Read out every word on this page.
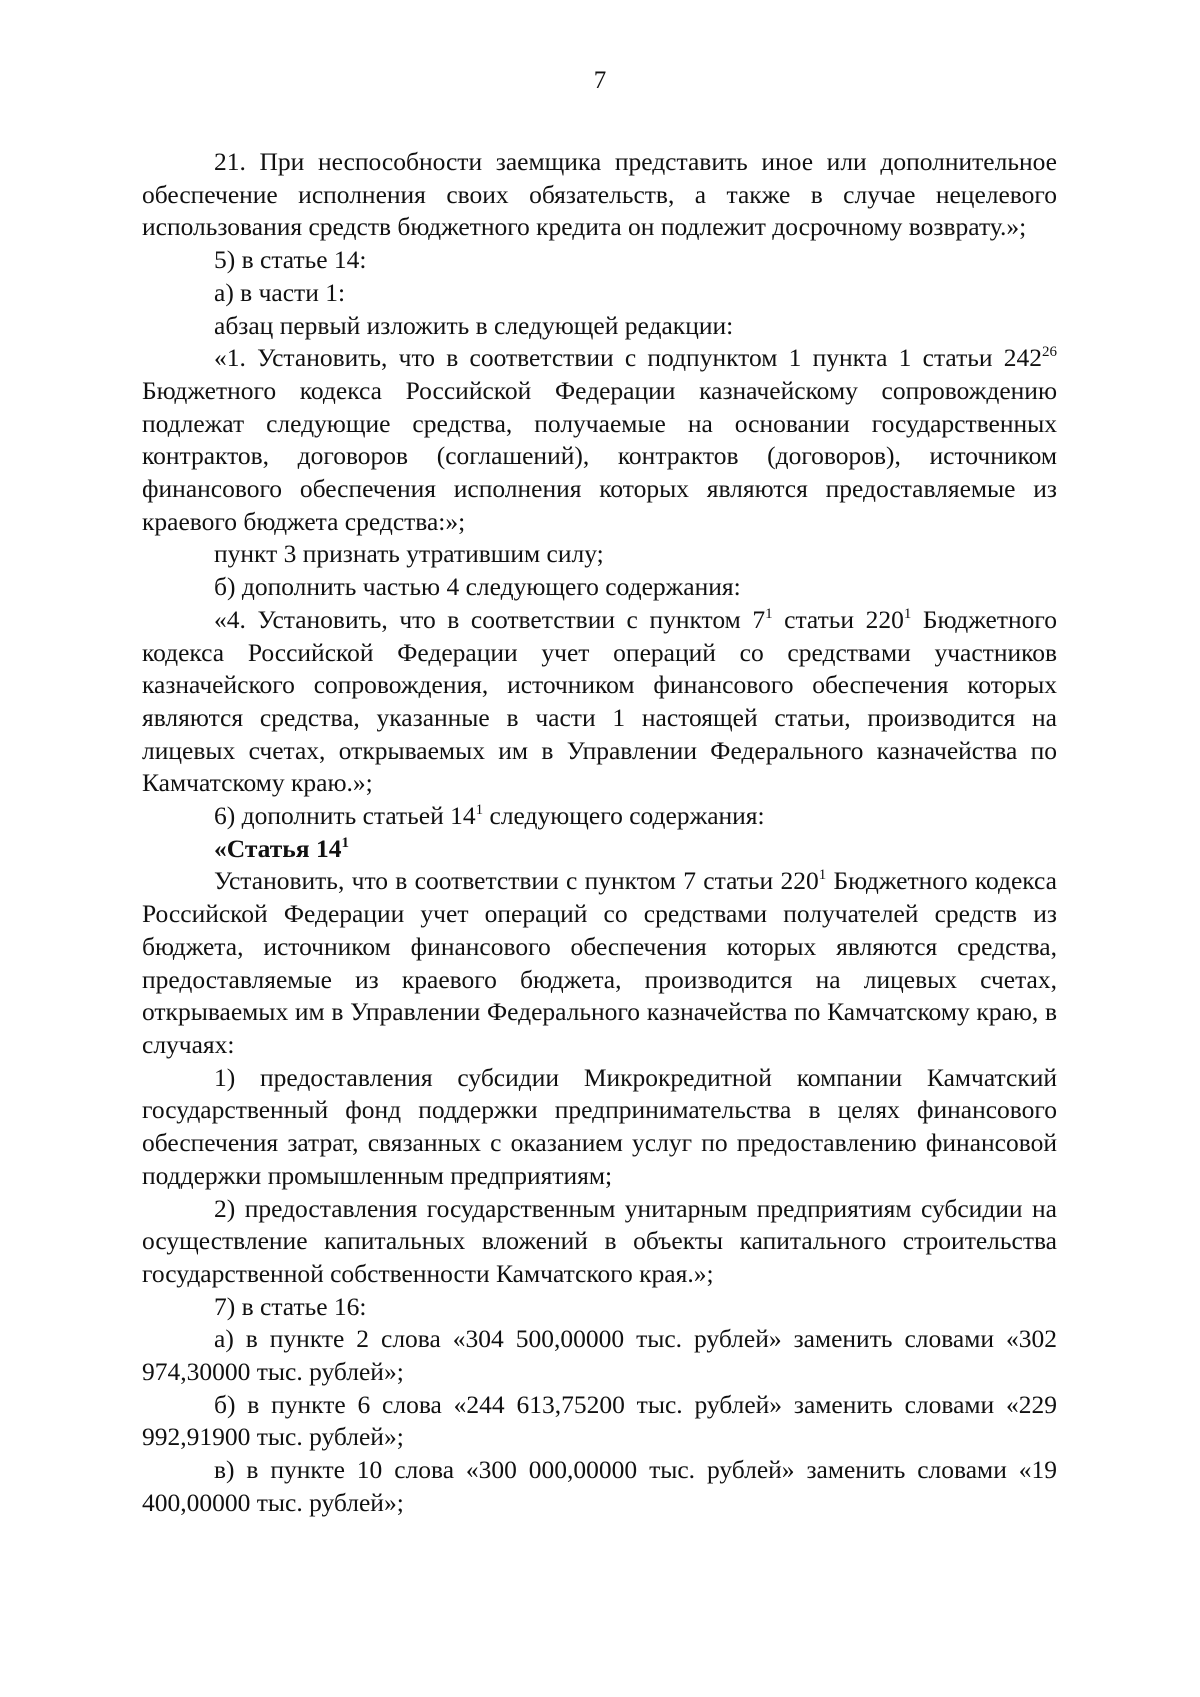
7

21. При неспособности заемщика представить иное или дополнительное обеспечение исполнения своих обязательств, а также в случае нецелевого использования средств бюджетного кредита он подлежит досрочному возврату.»;

5) в статье 14:

а) в части 1:

абзац первый изложить в следующей редакции:

«1. Установить, что в соответствии с подпунктом 1 пункта 1 статьи $242^{26}$ Бюджетного кодекса Российской Федерации казначейскому сопровождению подлежат следующие средства, получаемые на основании государственных контрактов, договоров (соглашений), контрактов (договоров), источником финансового обеспечения исполнения которых являются предоставляемые из краевого бюджета средства:»;

пункт 3 признать утратившим силу;

б) дополнить частью 4 следующего содержания:

«4. Установить, что в соответствии с пунктом $7^1$ статьи $220^1$ Бюджетного кодекса Российской Федерации учет операций со средствами участников казначейского сопровождения, источником финансового обеспечения которых являются средства, указанные в части 1 настоящей статьи, производится на лицевых счетах, открываемых им в Управлении Федерального казначейства по Камчатскому краю.»;

6) дополнить статьей $14^1$ следующего содержания:

«Статья $14^1$

Установить, что в соответствии с пунктом 7 статьи $220^1$ Бюджетного кодекса Российской Федерации учет операций со средствами получателей средств из бюджета, источником финансового обеспечения которых являются средства, предоставляемые из краевого бюджета, производится на лицевых счетах, открываемых им в Управлении Федерального казначейства по Камчатскому краю, в случаях:

1) предоставления субсидии Микрокредитной компании Камчатский государственный фонд поддержки предпринимательства в целях финансового обеспечения затрат, связанных с оказанием услуг по предоставлению финансовой поддержки промышленным предприятиям;

2) предоставления государственным унитарным предприятиям субсидии на осуществление капитальных вложений в объекты капитального строительства государственной собственности Камчатского края.»;

7) в статье 16:

а) в пункте 2 слова «304 500,00000 тыс. рублей» заменить словами «302 974,30000 тыс. рублей»;

б) в пункте 6 слова «244 613,75200 тыс. рублей» заменить словами «229 992,91900 тыс. рублей»;

в) в пункте 10 слова «300 000,00000 тыс. рублей» заменить словами «19 400,00000 тыс. рублей»;
